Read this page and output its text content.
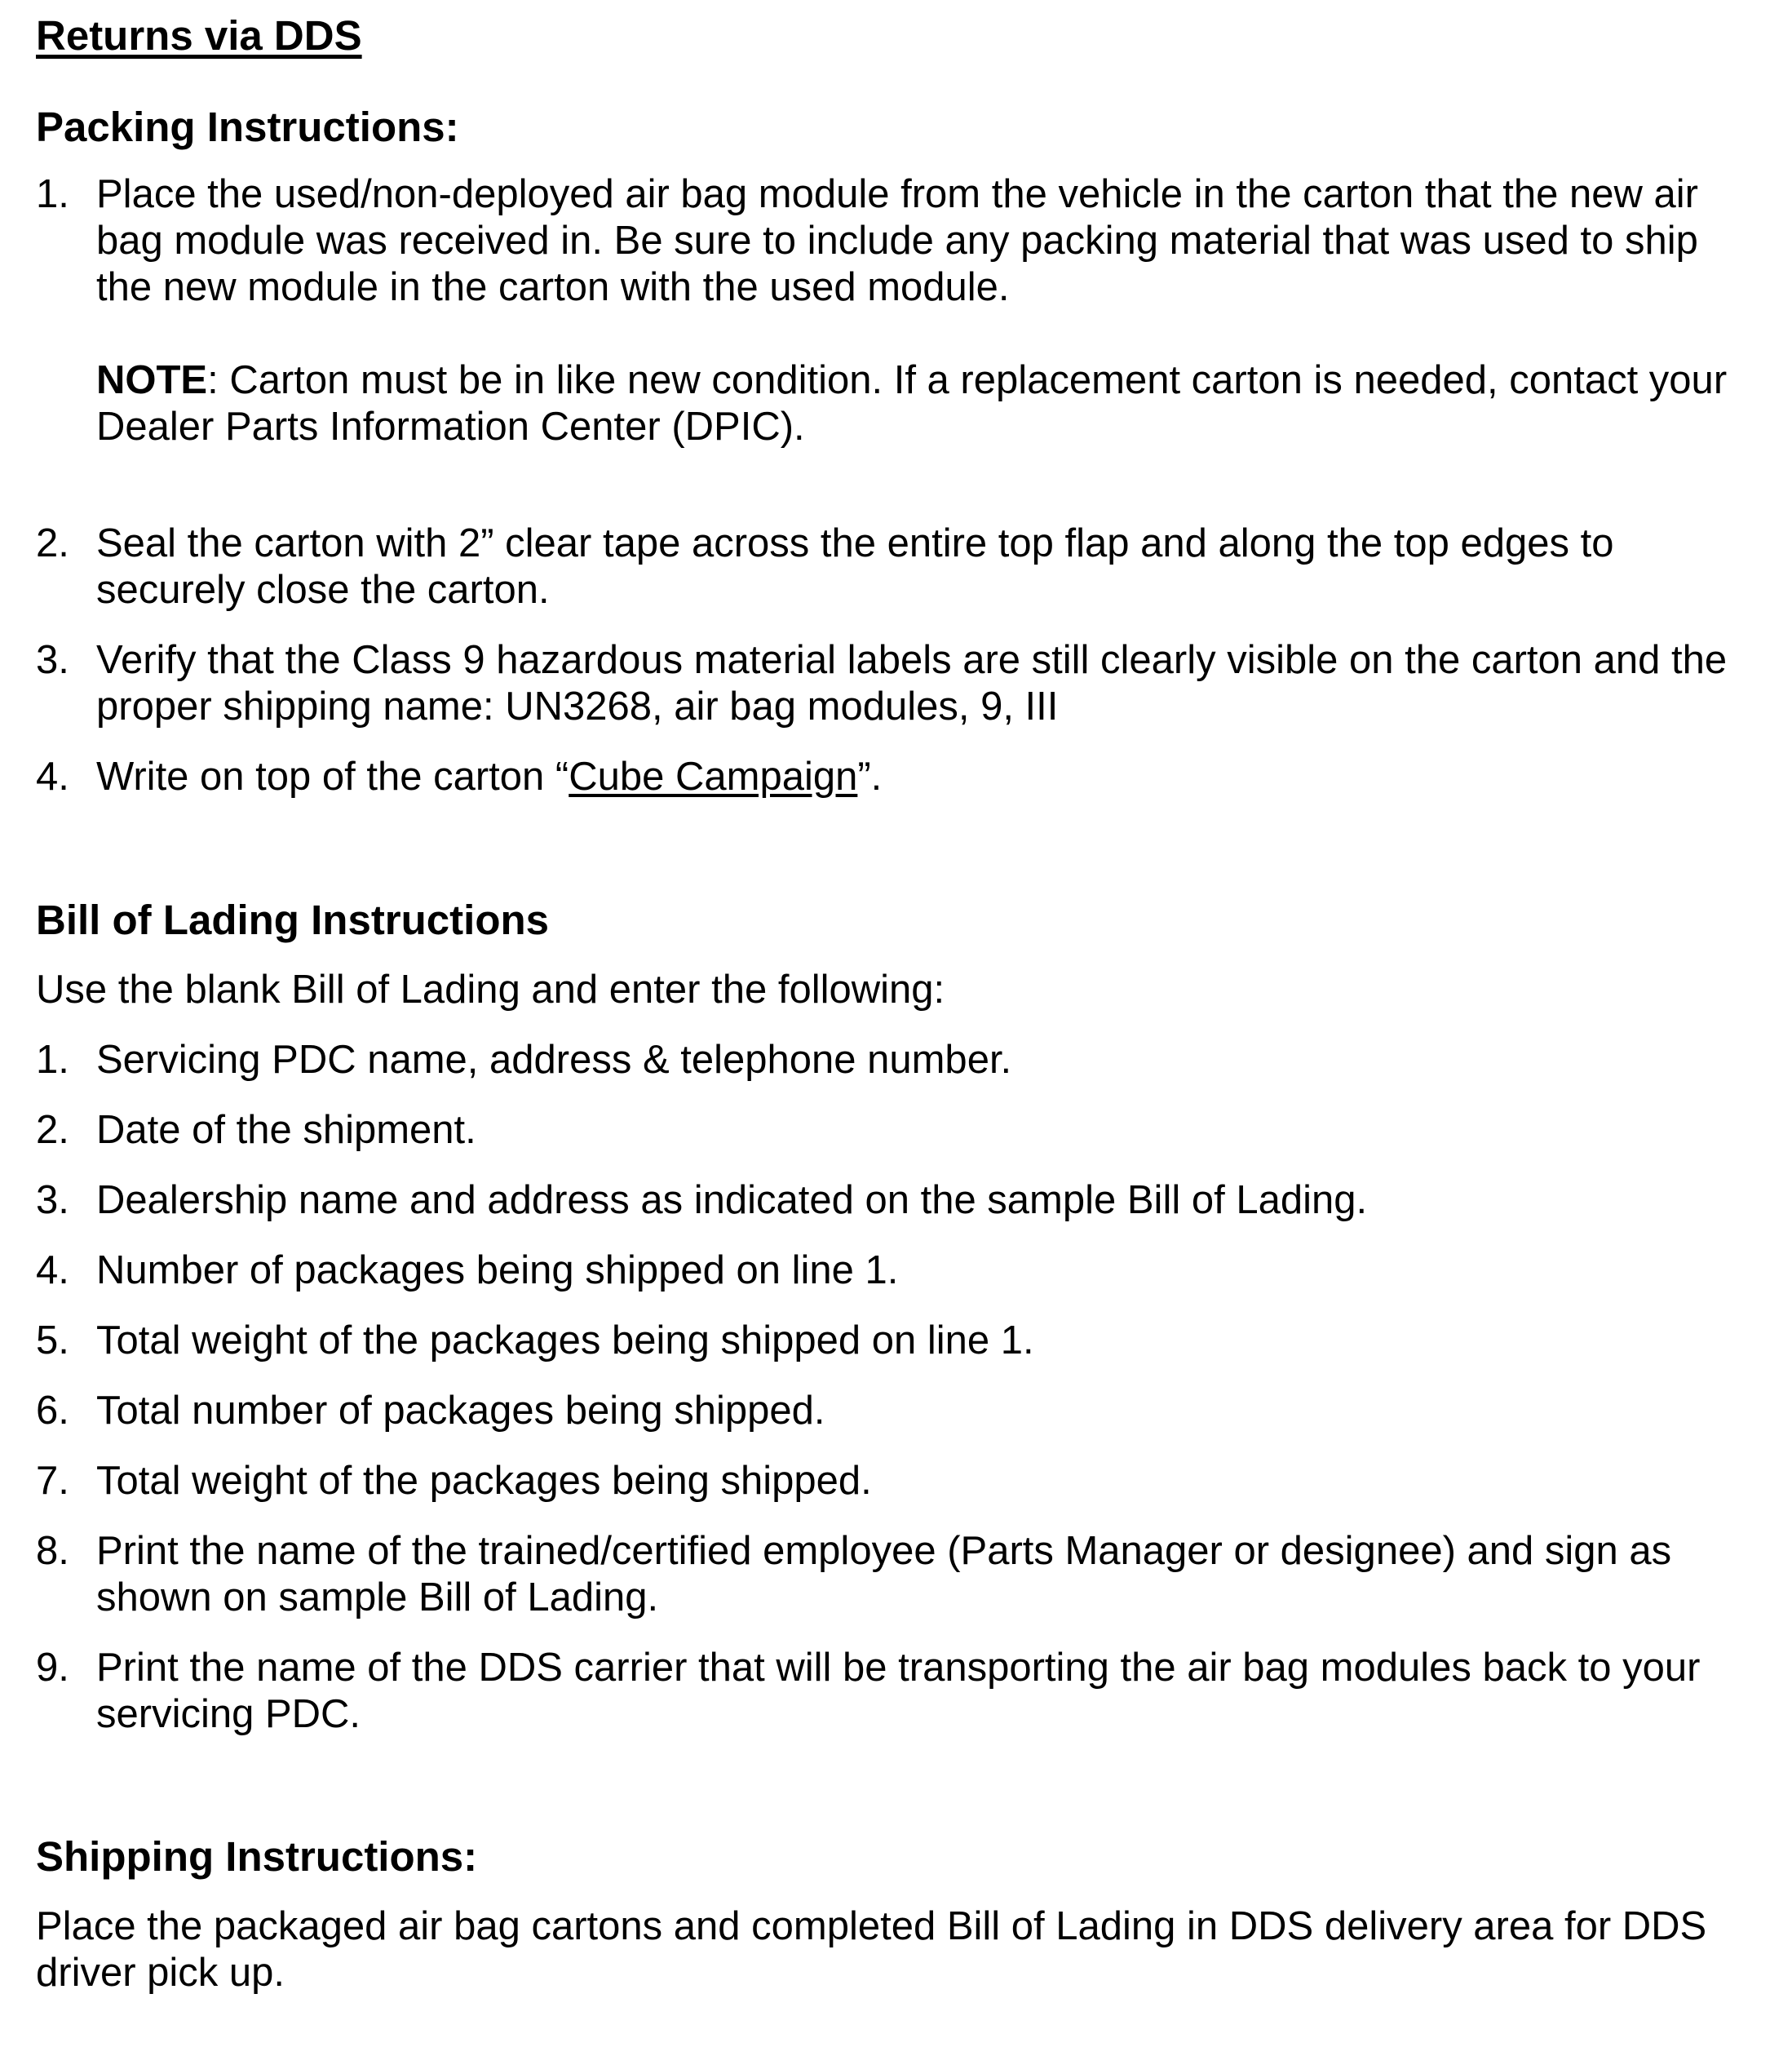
Returns via DDS
Packing Instructions:
1. Place the used/non-deployed air bag module from the vehicle in the carton that the new air bag module was received in. Be sure to include any packing material that was used to ship the new module in the carton with the used module.
NOTE: Carton must be in like new condition. If a replacement carton is needed, contact your Dealer Parts Information Center (DPIC).
2. Seal the carton with 2” clear tape across the entire top flap and along the top edges to securely close the carton.
3. Verify that the Class 9 hazardous material labels are still clearly visible on the carton and the proper shipping name: UN3268, air bag modules, 9, III
4. Write on top of the carton “Cube Campaign”.
Bill of Lading Instructions

Use the blank Bill of Lading and enter the following:

1. Servicing PDC name, address & telephone number.
2. Date of the shipment.
3. Dealership name and address as indicated on the sample Bill of Lading.
4. Number of packages being shipped on line 1.
5. Total weight of the packages being shipped on line 1.
6. Total number of packages being shipped.
7. Total weight of the packages being shipped.
8. Print the name of the trained/certified employee (Parts Manager or designee) and sign as shown on sample Bill of Lading.
9. Print the name of the DDS carrier that will be transporting the air bag modules back to your servicing PDC.
Shipping Instructions:

Place the packaged air bag cartons and completed Bill of Lading in DDS delivery area for DDS driver pick up.
